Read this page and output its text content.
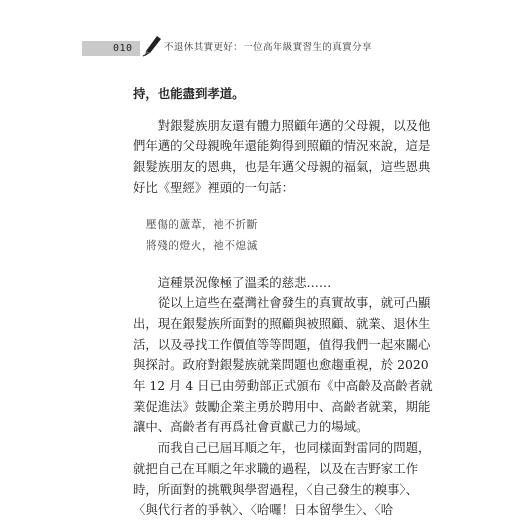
010	不退休其實更好：一位高年級實習生的真實分享
持，也能盡到孝道。
　　對銀髮族朋友還有體力照顧年邁的父母親，以及他
們年邁的父母親晚年還能夠得到照顧的情況來說，這是
銀髮族朋友的恩典，也是年邁父母親的福氣，這些恩典
好比《聖經》裡頭的一句話：
壓傷的蘆葦，祂不折斷
將殘的燈火，祂不熄滅
　　這種景況像極了溫柔的慈悲……
　　從以上這些在臺灣社會發生的真實故事，就可凸顯
出，現在銀髮族所面對的照顧與被照顧、就業、退休生
活，以及尋找工作價值等等問題，值得我們一起來關心
與探討。政府對銀髮族就業問題也愈趨重視，於 2020
年 12 月 4 日已由勞動部正式頒布《中高齡及高齡者就
業促進法》鼓勵企業主勇於聘用中、高齡者就業，期能
讓中、高齡者有再爲社會貢獻己力的場域。
　　而我自己已屆耳順之年，也同樣面對雷同的問題，
就把自己在耳順之年求職的過程，以及在吉野家工作
時，所面對的挑戰與學習過程，〈自己發生的糗事〉、
〈與代行者的爭執〉、〈哈囉！日本留學生〉、〈哈
